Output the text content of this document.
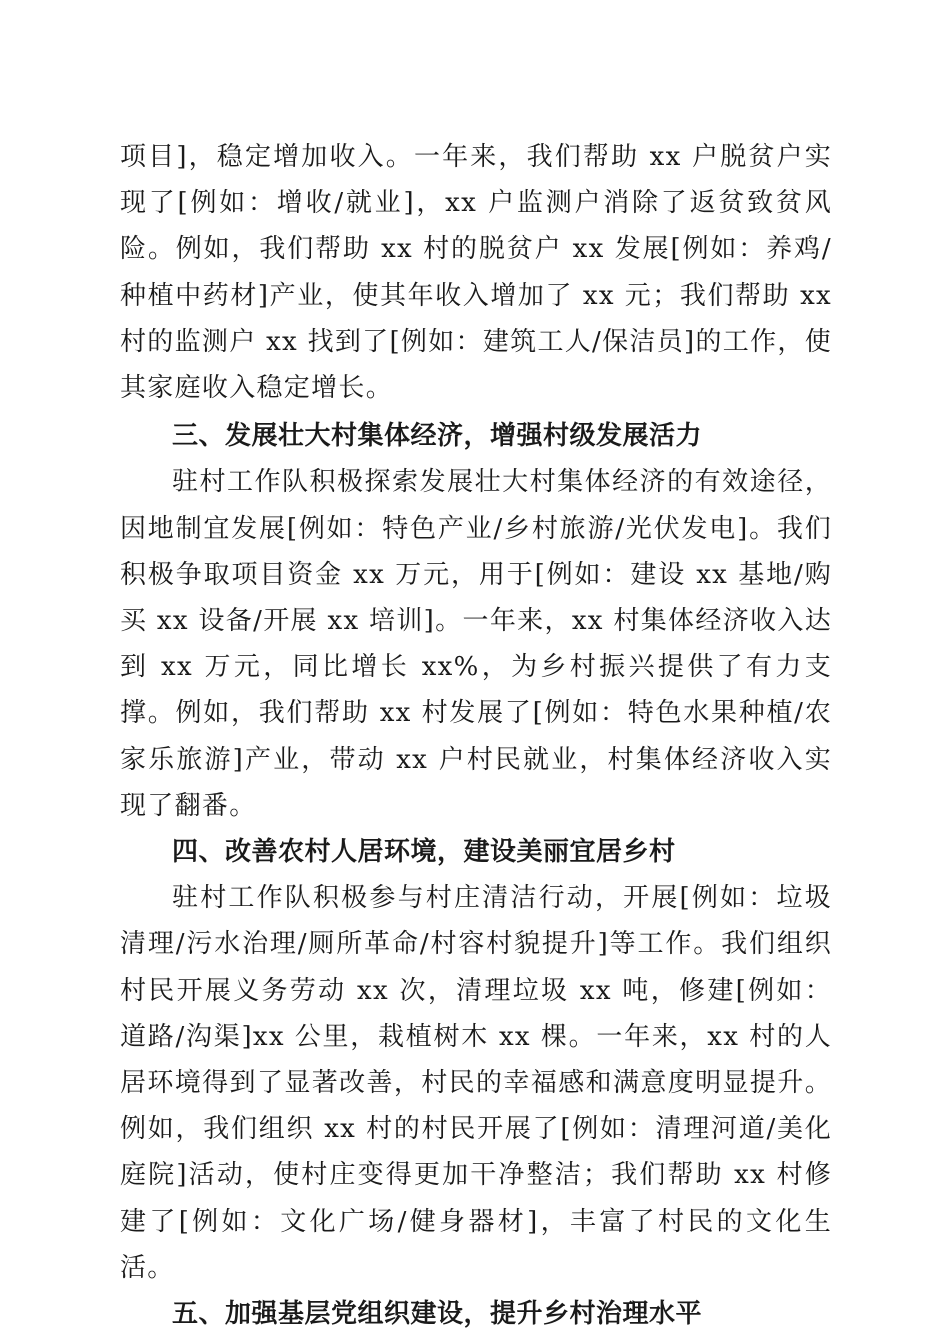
项目]，稳定增加收入。一年来，我们帮助 xx 户脱贫户实现了[例如：增收/就业]，xx 户监测户消除了返贫致贫风险。例如，我们帮助 xx 村的脱贫户 xx 发展[例如：养鸡/种植中药材]产业，使其年收入增加了 xx 元；我们帮助 xx 村的监测户 xx 找到了[例如：建筑工人/保洁员]的工作，使其家庭收入稳定增长。

三、发展壮大村集体经济，增强村级发展活力

驻村工作队积极探索发展壮大村集体经济的有效途径，因地制宜发展[例如：特色产业/乡村旅游/光伏发电]。我们积极争取项目资金 xx 万元，用于[例如：建设 xx 基地/购买 xx 设备/开展 xx 培训]。一年来，xx 村集体经济收入达到 xx 万元，同比增长 xx%，为乡村振兴提供了有力支撑。例如，我们帮助 xx 村发展了[例如：特色水果种植/农家乐旅游]产业，带动 xx 户村民就业，村集体经济收入实现了翻番。

四、改善农村人居环境，建设美丽宜居乡村

驻村工作队积极参与村庄清洁行动，开展[例如：垃圾清理/污水治理/厕所革命/村容村貌提升]等工作。我们组织村民开展义务劳动 xx 次，清理垃圾 xx 吨，修建[例如：道路/沟渠]xx 公里，栽植树木 xx 棵。一年来，xx 村的人居环境得到了显著改善，村民的幸福感和满意度明显提升。例如，我们组织 xx 村的村民开展了[例如：清理河道/美化庭院]活动，使村庄变得更加干净整洁；我们帮助 xx 村修建了[例如：文化广场/健身器材]，丰富了村民的文化生活。

五、加强基层党组织建设，提升乡村治理水平
